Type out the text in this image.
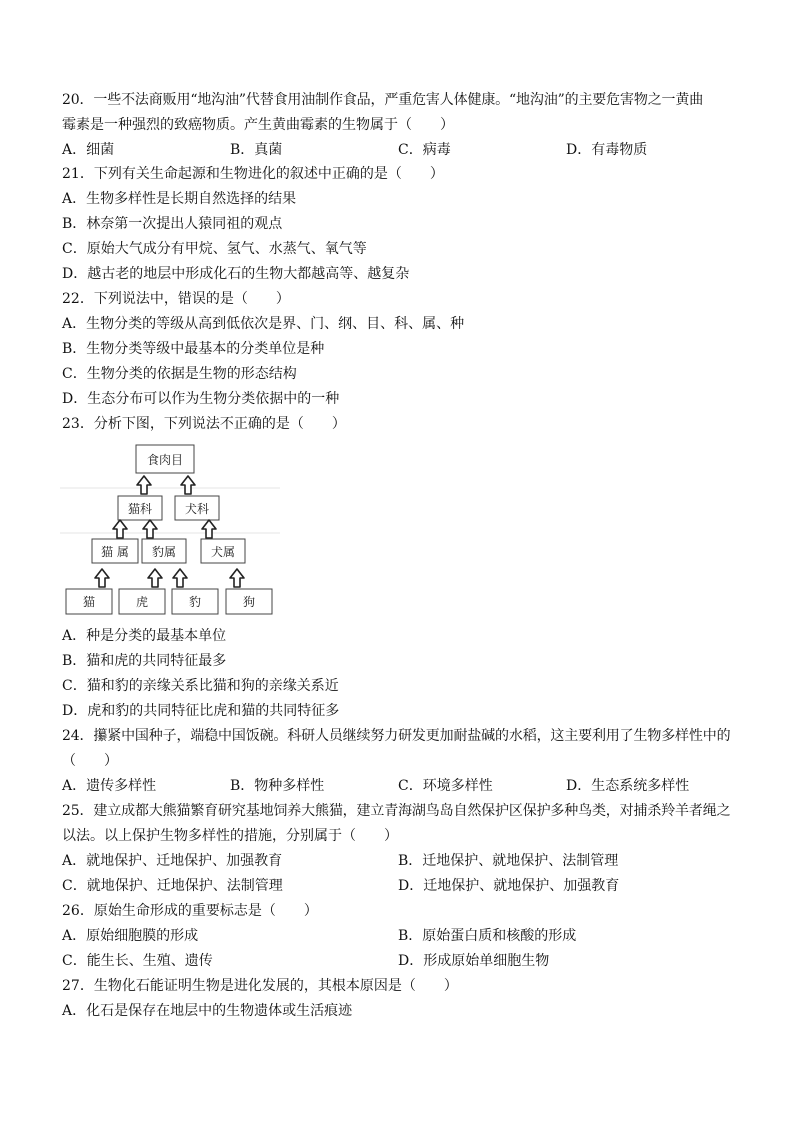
20．一些不法商贩用“地沟油”代替食用油制作食品，严重危害人体健康。“地沟油”的主要危害物之一黄曲
霉素是一种强烈的致癌物质。产生黄曲霉素的生物属于（　　）
A．细菌	B．真菌	C．病毒	D．有毒物质
21．下列有关生命起源和生物进化的叙述中正确的是（　　）
A．生物多样性是长期自然选择的结果
B．林奈第一次提出人猿同祖的观点
C．原始大气成分有甲烷、氢气、水蒸气、氧气等
D．越古老的地层中形成化石的生物大都越高等、越复杂
22．下列说法中，错误的是（　　）
A．生物分类的等级从高到低依次是界、门、纲、目、科、属、种
B．生物分类等级中最基本的分类单位是种
C．生物分类的依据是生物的形态结构
D．生态分布可以作为生物分类依据中的一种
23．分析下图，下列说法不正确的是（　　）
食肉目
猫科	犬科
猫 属 豹属	犬属
猫	虎	豹	狗
A．种是分类的最基本单位
B．猫和虎的共同特征最多
C．猫和豹的亲缘关系比猫和狗的亲缘关系近
D．虎和豹的共同特征比虎和猫的共同特征多
24．攥紧中国种子，端稳中国饭碗。科研人员继续努力研发更加耐盐碱的水稻，这主要利用了生物多样性中的
（　　）
A．遗传多样性	B．物种多样性	C．环境多样性	D．生态系统多样性
25．建立成都大熊猫繁育研究基地饲养大熊猫，建立青海湖鸟岛自然保护区保护多种鸟类，对捕杀羚羊者绳之
以法。以上保护生物多样性的措施，分别属于（　　）
A．就地保护、迁地保护、加强教育	B．迁地保护、就地保护、法制管理
C．就地保护、迁地保护、法制管理	D．迁地保护、就地保护、加强教育
26．原始生命形成的重要标志是（　　）
A．原始细胞膜的形成	B．原始蛋白质和核酸的形成
C．能生长、生殖、遗传	D．形成原始单细胞生物
27．生物化石能证明生物是进化发展的，其根本原因是（　　）
A．化石是保存在地层中的生物遗体或生活痕迹
